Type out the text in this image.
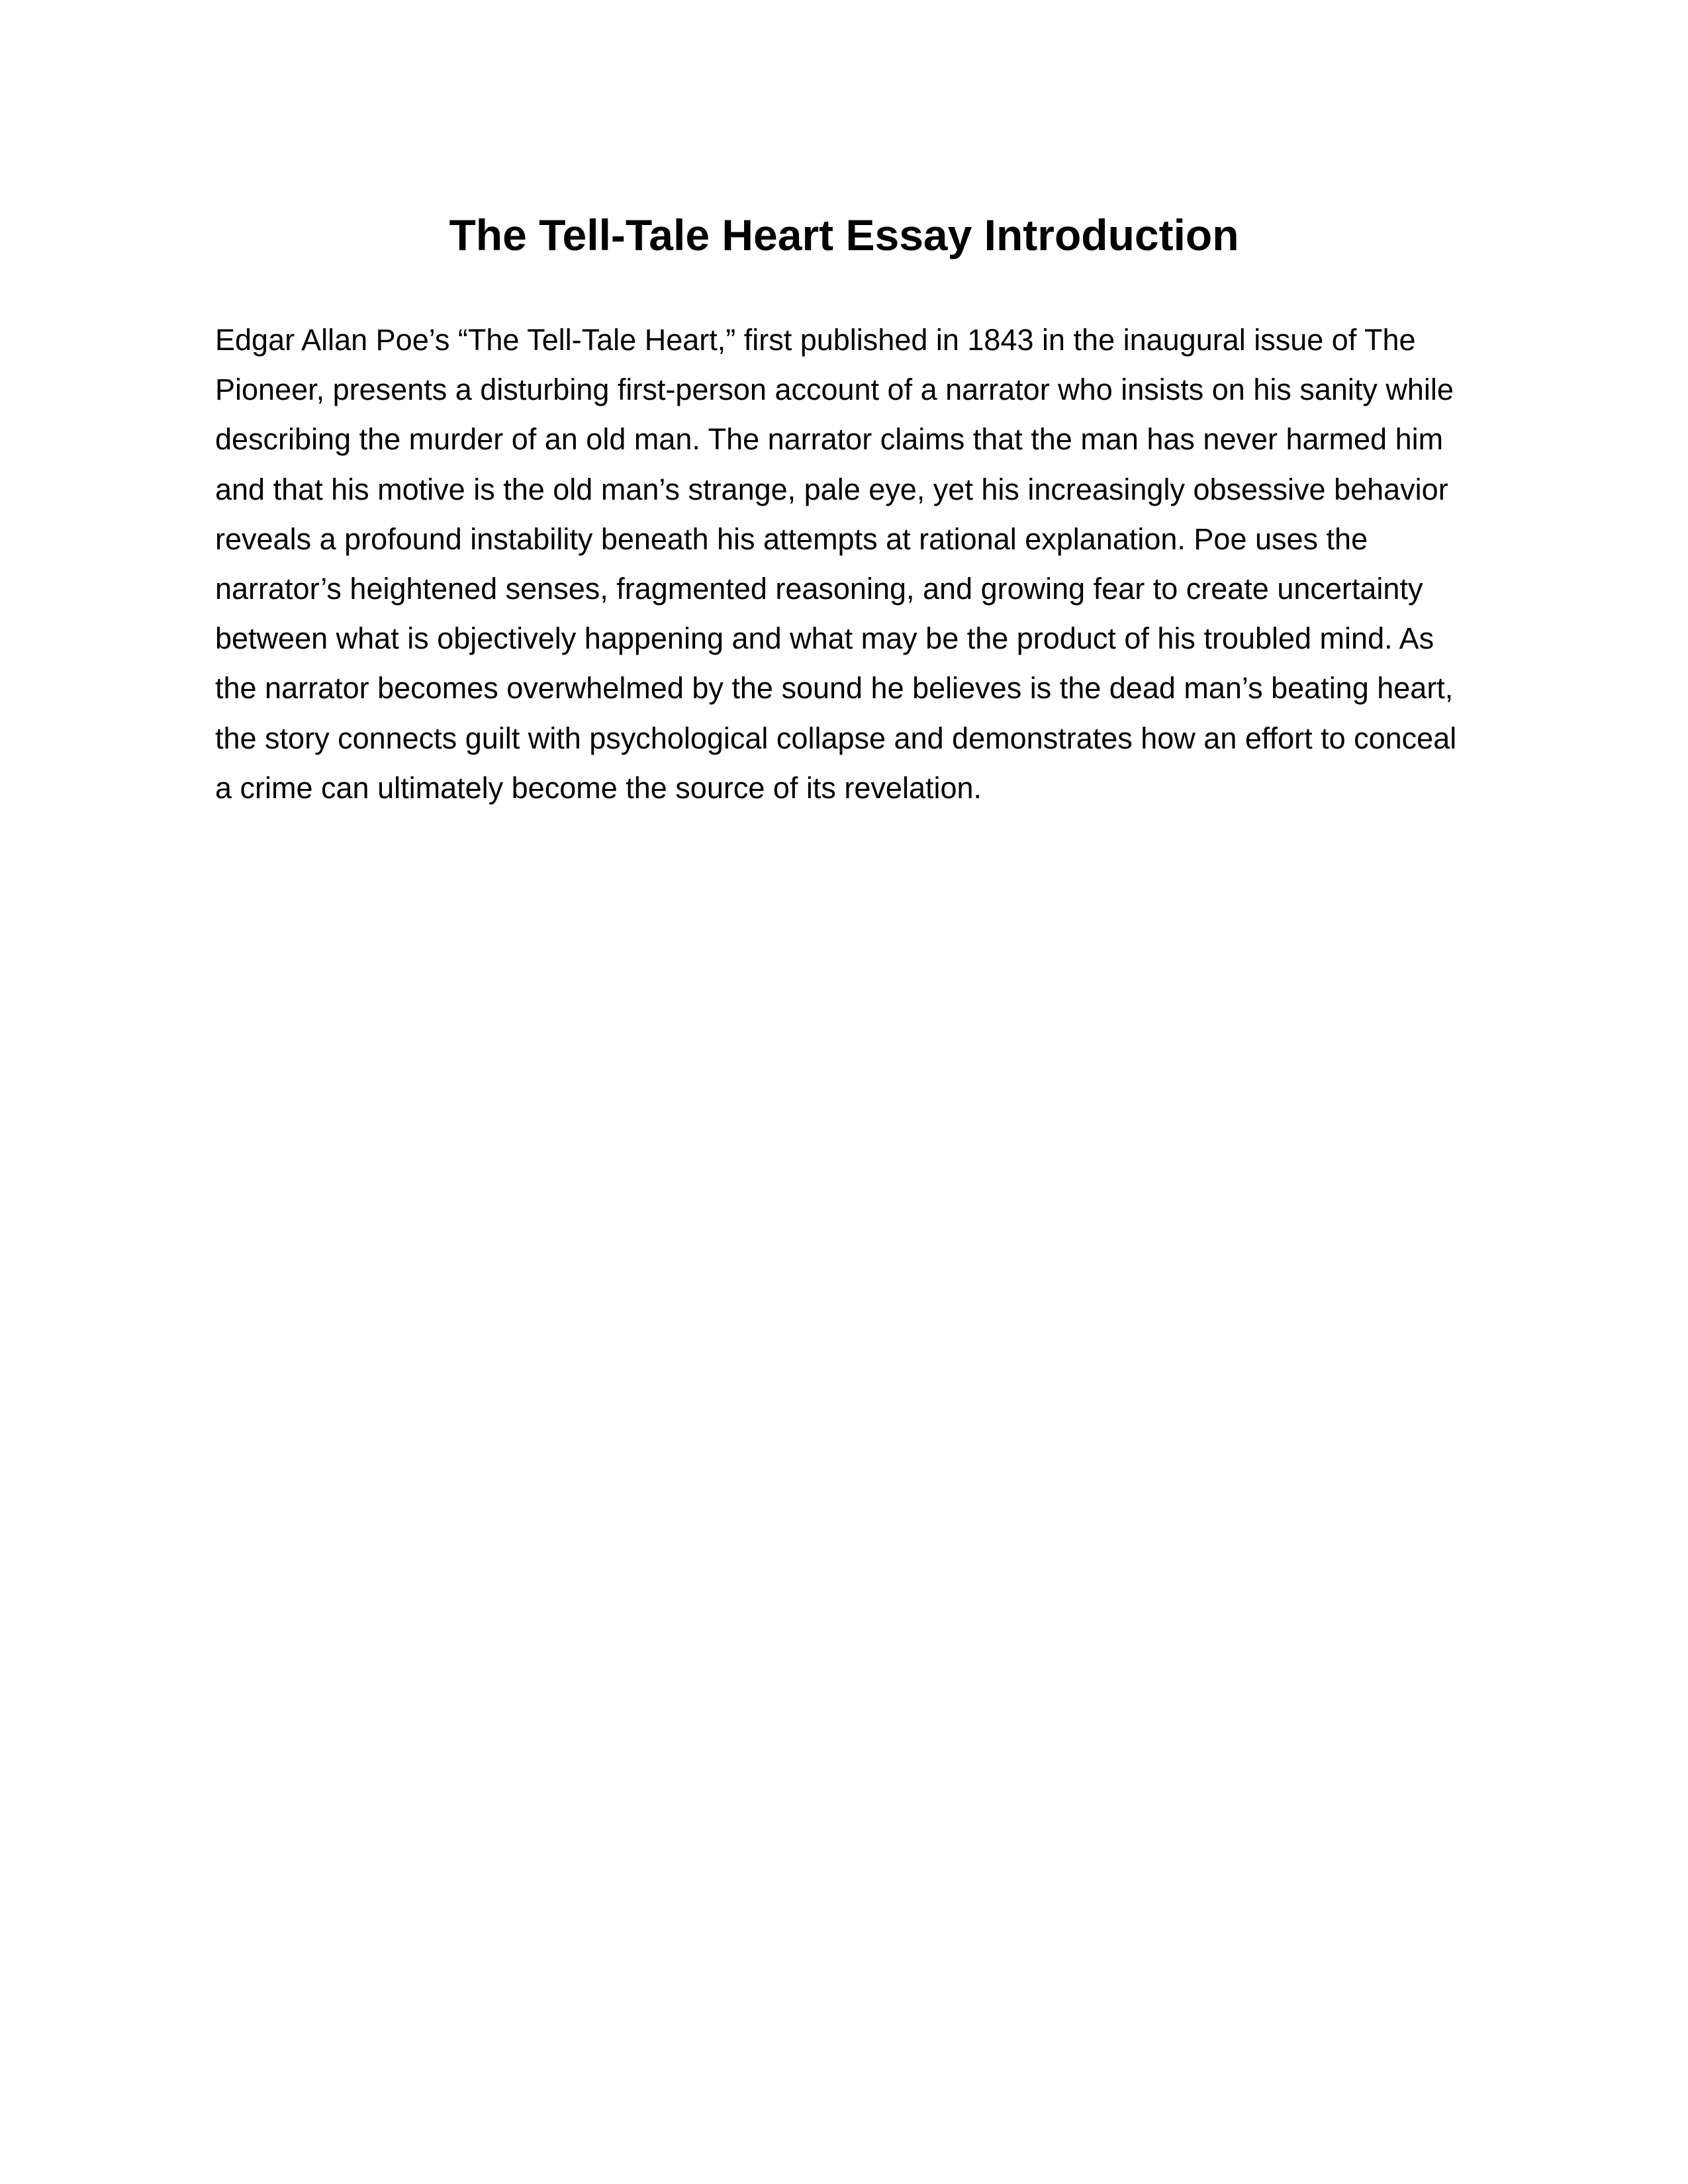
The Tell-Tale Heart Essay Introduction

Edgar Allan Poe’s “The Tell-Tale Heart,” first published in 1843 in the inaugural issue of The Pioneer, presents a disturbing first-person account of a narrator who insists on his sanity while describing the murder of an old man. The narrator claims that the man has never harmed him and that his motive is the old man’s strange, pale eye, yet his increasingly obsessive behavior reveals a profound instability beneath his attempts at rational explanation. Poe uses the narrator’s heightened senses, fragmented reasoning, and growing fear to create uncertainty between what is objectively happening and what may be the product of his troubled mind. As the narrator becomes overwhelmed by the sound he believes is the dead man’s beating heart, the story connects guilt with psychological collapse and demonstrates how an effort to conceal a crime can ultimately become the source of its revelation.
